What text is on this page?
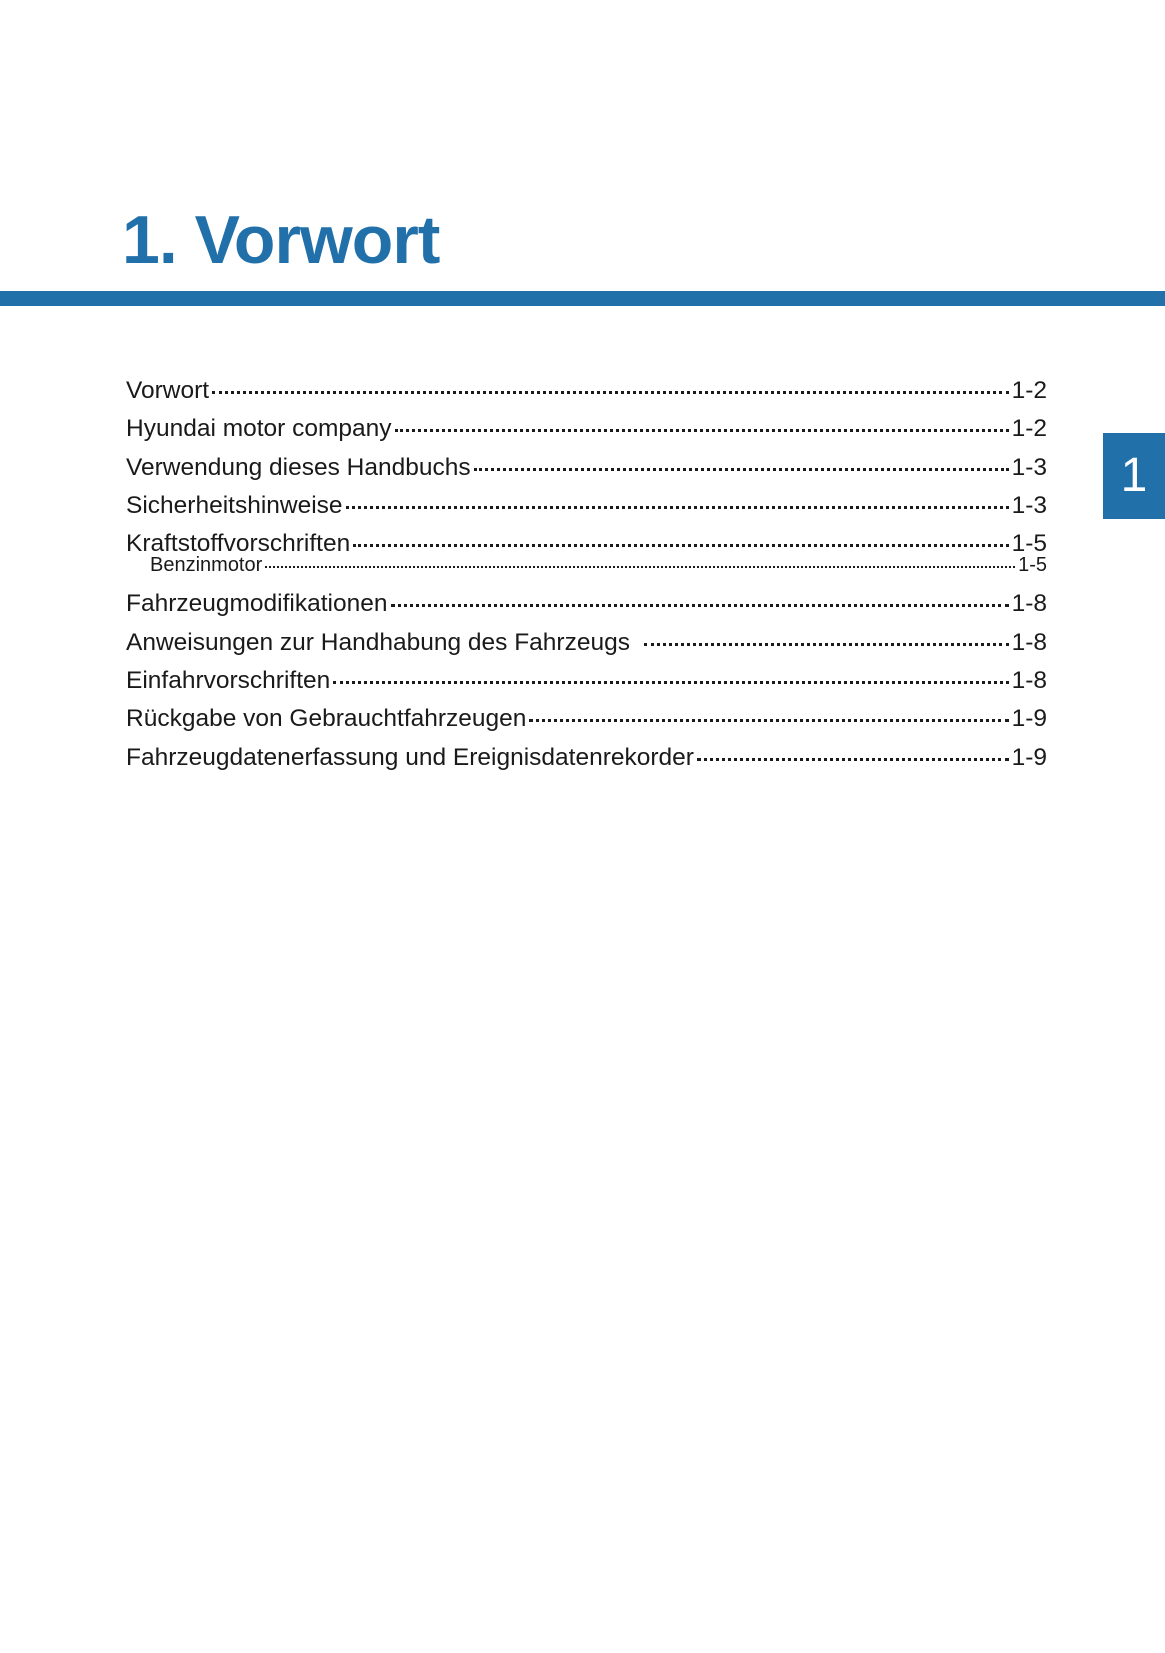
1. Vorwort
1
Vorwort	1-2
Hyundai motor company	1-2
Verwendung dieses Handbuchs	1-3
Sicherheitshinweise	1-3
Kraftstoffvorschriften	1-5
Benzinmotor	1-5
Fahrzeugmodifikationen	1-8
Anweisungen zur Handhabung des Fahrzeugs	1-8
Einfahrvorschriften	1-8
Rückgabe von Gebrauchtfahrzeugen	1-9
Fahrzeugdatenerfassung und Ereignisdatenrekorder	1-9
